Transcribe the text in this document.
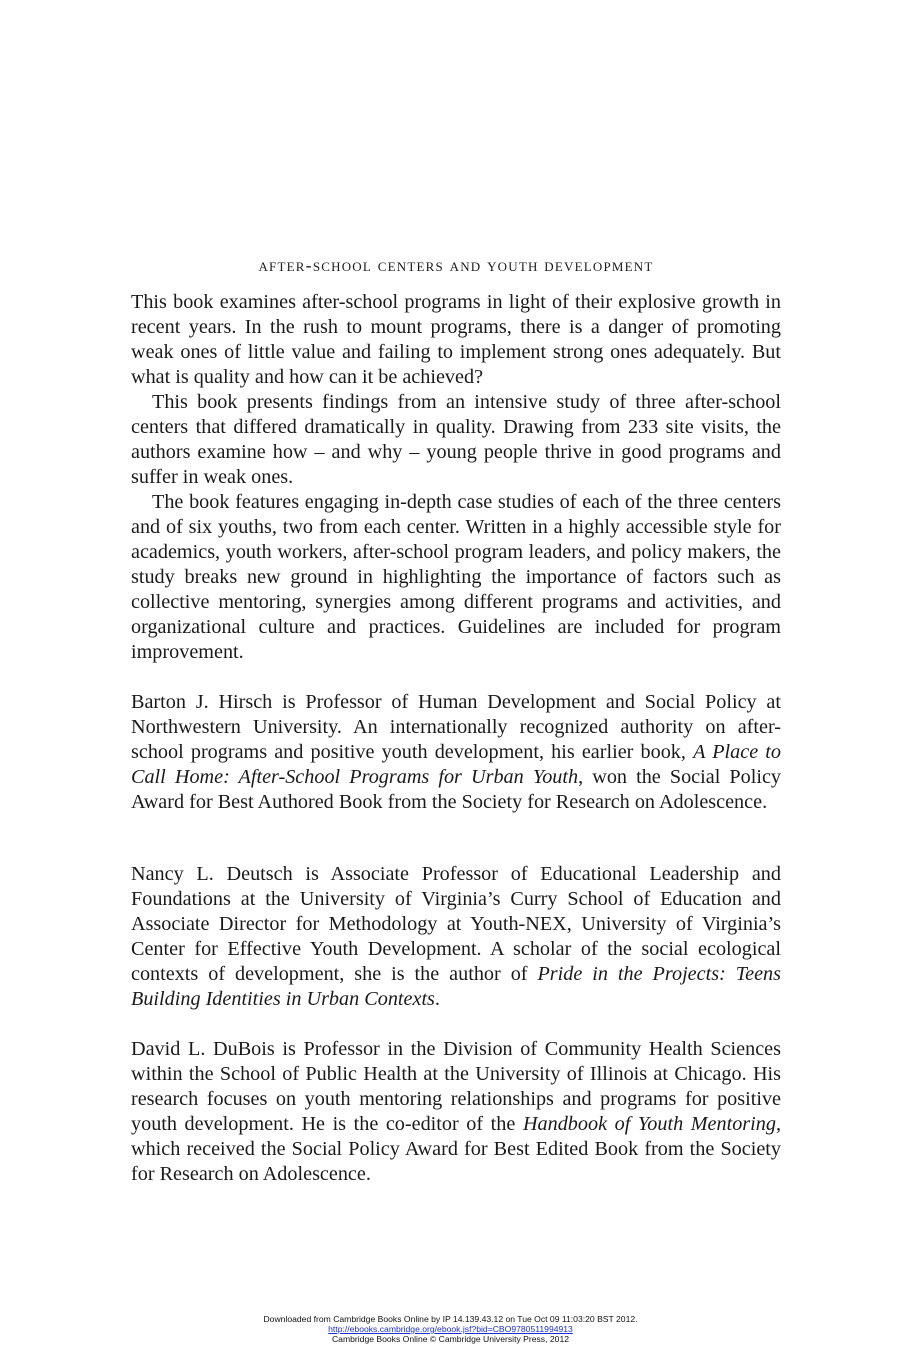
after-school centers and youth development

This book examines after-school programs in light of their explosive growth in recent years. In the rush to mount programs, there is a danger of promoting weak ones of little value and failing to implement strong ones adequately. But what is quality and how can it be achieved?

This book presents findings from an intensive study of three after-school centers that differed dramatically in quality. Drawing from 233 site visits, the authors examine how – and why – young people thrive in good programs and suffer in weak ones.

The book features engaging in-depth case studies of each of the three centers and of six youths, two from each center. Written in a highly accessible style for academics, youth workers, after-school program leaders, and policy makers, the study breaks new ground in highlighting the importance of factors such as collective mentoring, synergies among different programs and activities, and organizational culture and practices. Guidelines are included for program improvement.

Barton J. Hirsch is Professor of Human Development and Social Policy at Northwestern University. An internationally recognized authority on after-school programs and positive youth development, his earlier book, A Place to Call Home: After-School Programs for Urban Youth, won the Social Policy Award for Best Authored Book from the Society for Research on Adolescence.

Nancy L. Deutsch is Associate Professor of Educational Leadership and Foundations at the University of Virginia’s Curry School of Education and Associate Director for Methodology at Youth-NEX, University of Virginia’s Center for Effective Youth Development. A scholar of the social ecological contexts of development, she is the author of Pride in the Projects: Teens Building Identities in Urban Contexts.

David L. DuBois is Professor in the Division of Community Health Sciences within the School of Public Health at the University of Illinois at Chicago. His research focuses on youth mentoring relationships and programs for positive youth development. He is the co-editor of the Handbook of Youth Mentoring, which received the Social Policy Award for Best Edited Book from the Society for Research on Adolescence.

Downloaded from Cambridge Books Online by IP 14.139.43.12 on Tue Oct 09 11:03:20 BST 2012.
http://ebooks.cambridge.org/ebook.jsf?bid=CBO9780511994913
Cambridge Books Online © Cambridge University Press, 2012
